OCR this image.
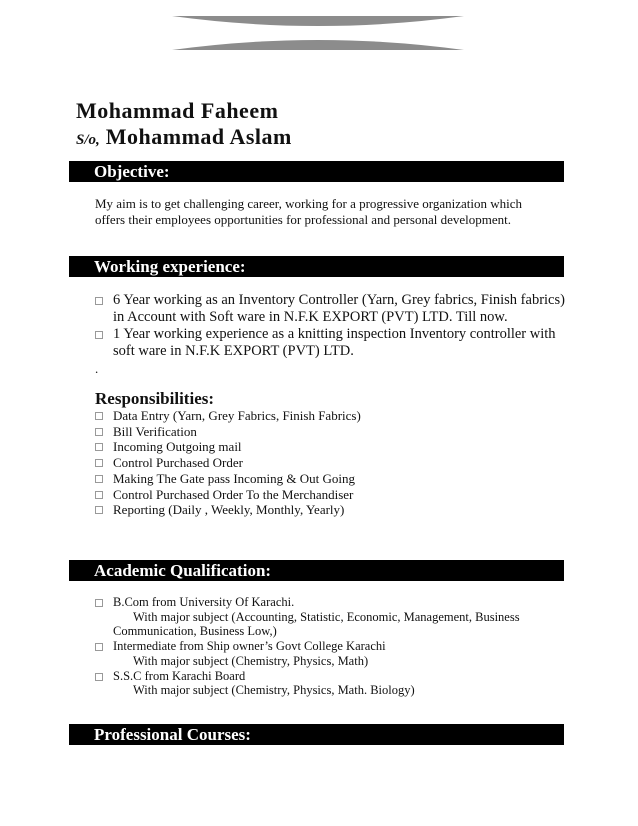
Mohammad Faheem
S/o, Mohammad Aslam
Objective:

My aim is to get challenging career, working for a progressive organization which offers their employees opportunities for professional and personal development.

Working experience:
6 Year working as an Inventory Controller (Yarn, Grey fabrics, Finish fabrics) in Account with Soft ware in N.F.K EXPORT (PVT) LTD. Till now.
1 Year working experience as a knitting inspection Inventory controller with soft ware in N.F.K EXPORT (PVT) LTD.
.
Responsibilities:
Data Entry (Yarn, Grey Fabrics, Finish Fabrics)
Bill Verification
Incoming Outgoing mail
Control Purchased Order
Making The Gate pass Incoming & Out Going
Control Purchased Order To the Merchandiser
Reporting (Daily , Weekly, Monthly, Yearly)
Academic Qualification:
B.Com from University Of Karachi.
With major subject (Accounting, Statistic, Economic, Management, Business
Communication, Business Low,)
Intermediate from Ship owner’s Govt College Karachi
With major subject (Chemistry, Physics, Math)
S.S.C from Karachi Board
With major subject (Chemistry, Physics, Math. Biology)
Professional Courses:
